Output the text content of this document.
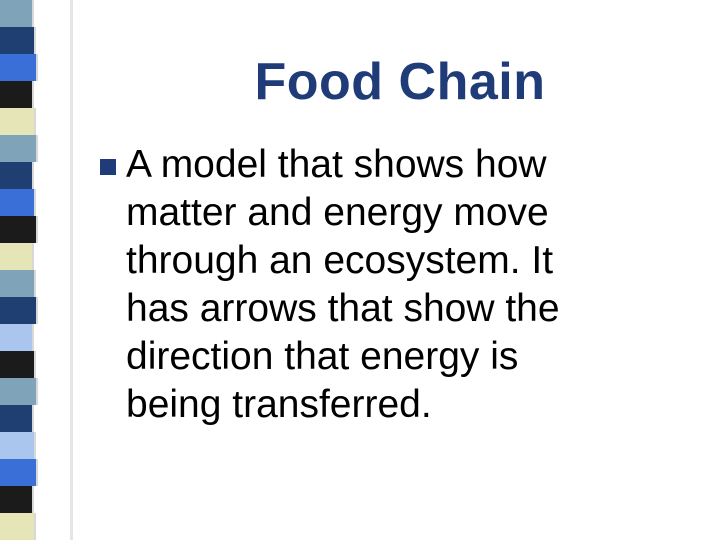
Food Chain

A model that shows how
matter and energy move
through an ecosystem. It
has arrows that show the
direction that energy is
being transferred.
